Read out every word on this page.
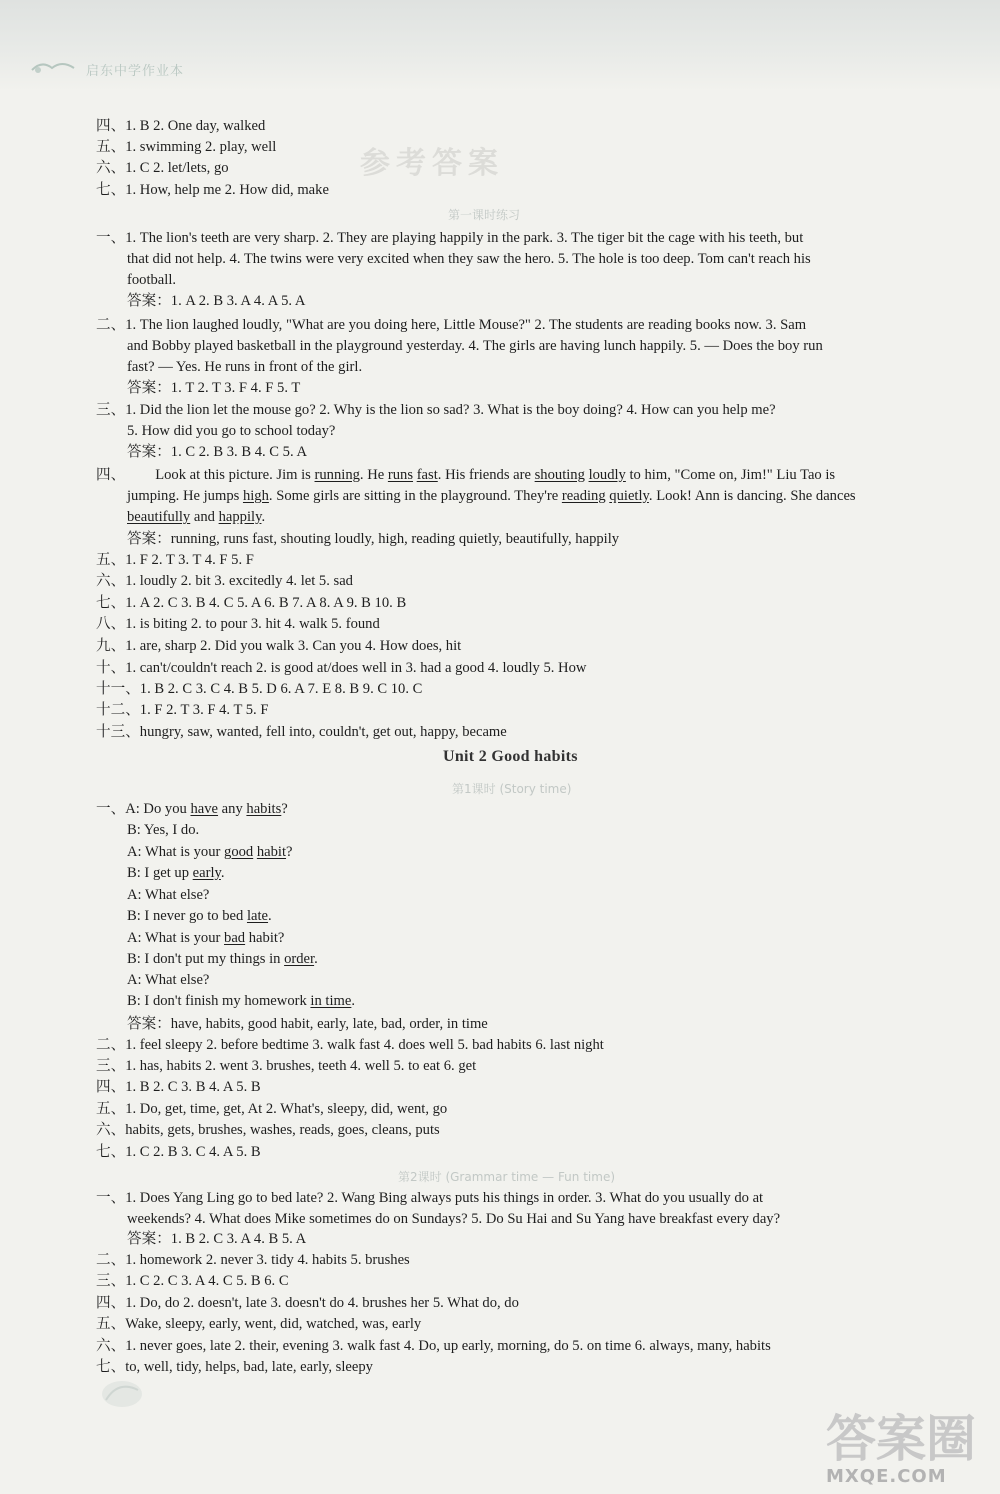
启东中学作业本
参考答案
四、1. B 2. One day, walked
五、1. swimming 2. play, well
六、1. C 2. let/lets, go
七、1. How, help me 2. How did, make
第一课时练习
一、1. The lion's teeth are very sharp. 2. They are playing happily in the park. 3. The tiger bit the cage with his teeth, but
that did not help. 4. The twins were very excited when they saw the hero. 5. The hole is too deep. Tom can't reach his
football.
答案：1. A 2. B 3. A 4. A 5. A
二、1. The lion laughed loudly, "What are you doing here, Little Mouse?" 2. The students are reading books now. 3. Sam
and Bobby played basketball in the playground yesterday. 4. The girls are having lunch happily. 5. — Does the boy run
fast? — Yes. He runs in front of the girl.
答案：1. T 2. T 3. F 4. F 5. T
三、1. Did the lion let the mouse go? 2. Why is the lion so sad? 3. What is the boy doing? 4. How can you help me?
5. How did you go to school today?
答案：1. C 2. B 3. B 4. C 5. A
四、 Look at this picture. Jim is running. He runs fast. His friends are shouting loudly to him, "Come on, Jim!" Liu Tao is
jumping. He jumps high. Some girls are sitting in the playground. They're reading quietly. Look! Ann is dancing. She dances
beautifully and happily.
答案：running, runs fast, shouting loudly, high, reading quietly, beautifully, happily
五、1. F 2. T 3. T 4. F 5. F
六、1. loudly 2. bit 3. excitedly 4. let 5. sad
七、1. A 2. C 3. B 4. C 5. A 6. B 7. A 8. A 9. B 10. B
八、1. is biting 2. to pour 3. hit 4. walk 5. found
九、1. are, sharp 2. Did you walk 3. Can you 4. How does, hit
十、1. can't/couldn't reach 2. is good at/does well in 3. had a good 4. loudly 5. How
十一、1. B 2. C 3. C 4. B 5. D 6. A 7. E 8. B 9. C 10. C
十二、1. F 2. T 3. F 4. T 5. F
十三、hungry, saw, wanted, fell into, couldn't, get out, happy, became
Unit 2 Good habits
第1课时 (Story time)
一、A: Do you have any habits?
B: Yes, I do.
A: What is your good habit?
B: I get up early.
A: What else?
B: I never go to bed late.
A: What is your bad habit?
B: I don't put my things in order.
A: What else?
B: I don't finish my homework in time.
答案：have, habits, good habit, early, late, bad, order, in time
二、1. feel sleepy 2. before bedtime 3. walk fast 4. does well 5. bad habits 6. last night
三、1. has, habits 2. went 3. brushes, teeth 4. well 5. to eat 6. get
四、1. B 2. C 3. B 4. A 5. B
五、1. Do, get, time, get, At 2. What's, sleepy, did, went, go
六、habits, gets, brushes, washes, reads, goes, cleans, puts
七、1. C 2. B 3. C 4. A 5. B
第2课时 (Grammar time — Fun time)
一、1. Does Yang Ling go to bed late? 2. Wang Bing always puts his things in order. 3. What do you usually do at
weekends? 4. What does Mike sometimes do on Sundays? 5. Do Su Hai and Su Yang have breakfast every day?
答案：1. B 2. C 3. A 4. B 5. A
二、1. homework 2. never 3. tidy 4. habits 5. brushes
三、1. C 2. C 3. A 4. C 5. B 6. C
四、1. Do, do 2. doesn't, late 3. doesn't do 4. brushes her 5. What do, do
五、Wake, sleepy, early, went, did, watched, was, early
六、1. never goes, late 2. their, evening 3. walk fast 4. Do, up early, morning, do 5. on time 6. always, many, habits
七、to, well, tidy, helps, bad, late, early, sleepy
答案圈
MXQE.COM
